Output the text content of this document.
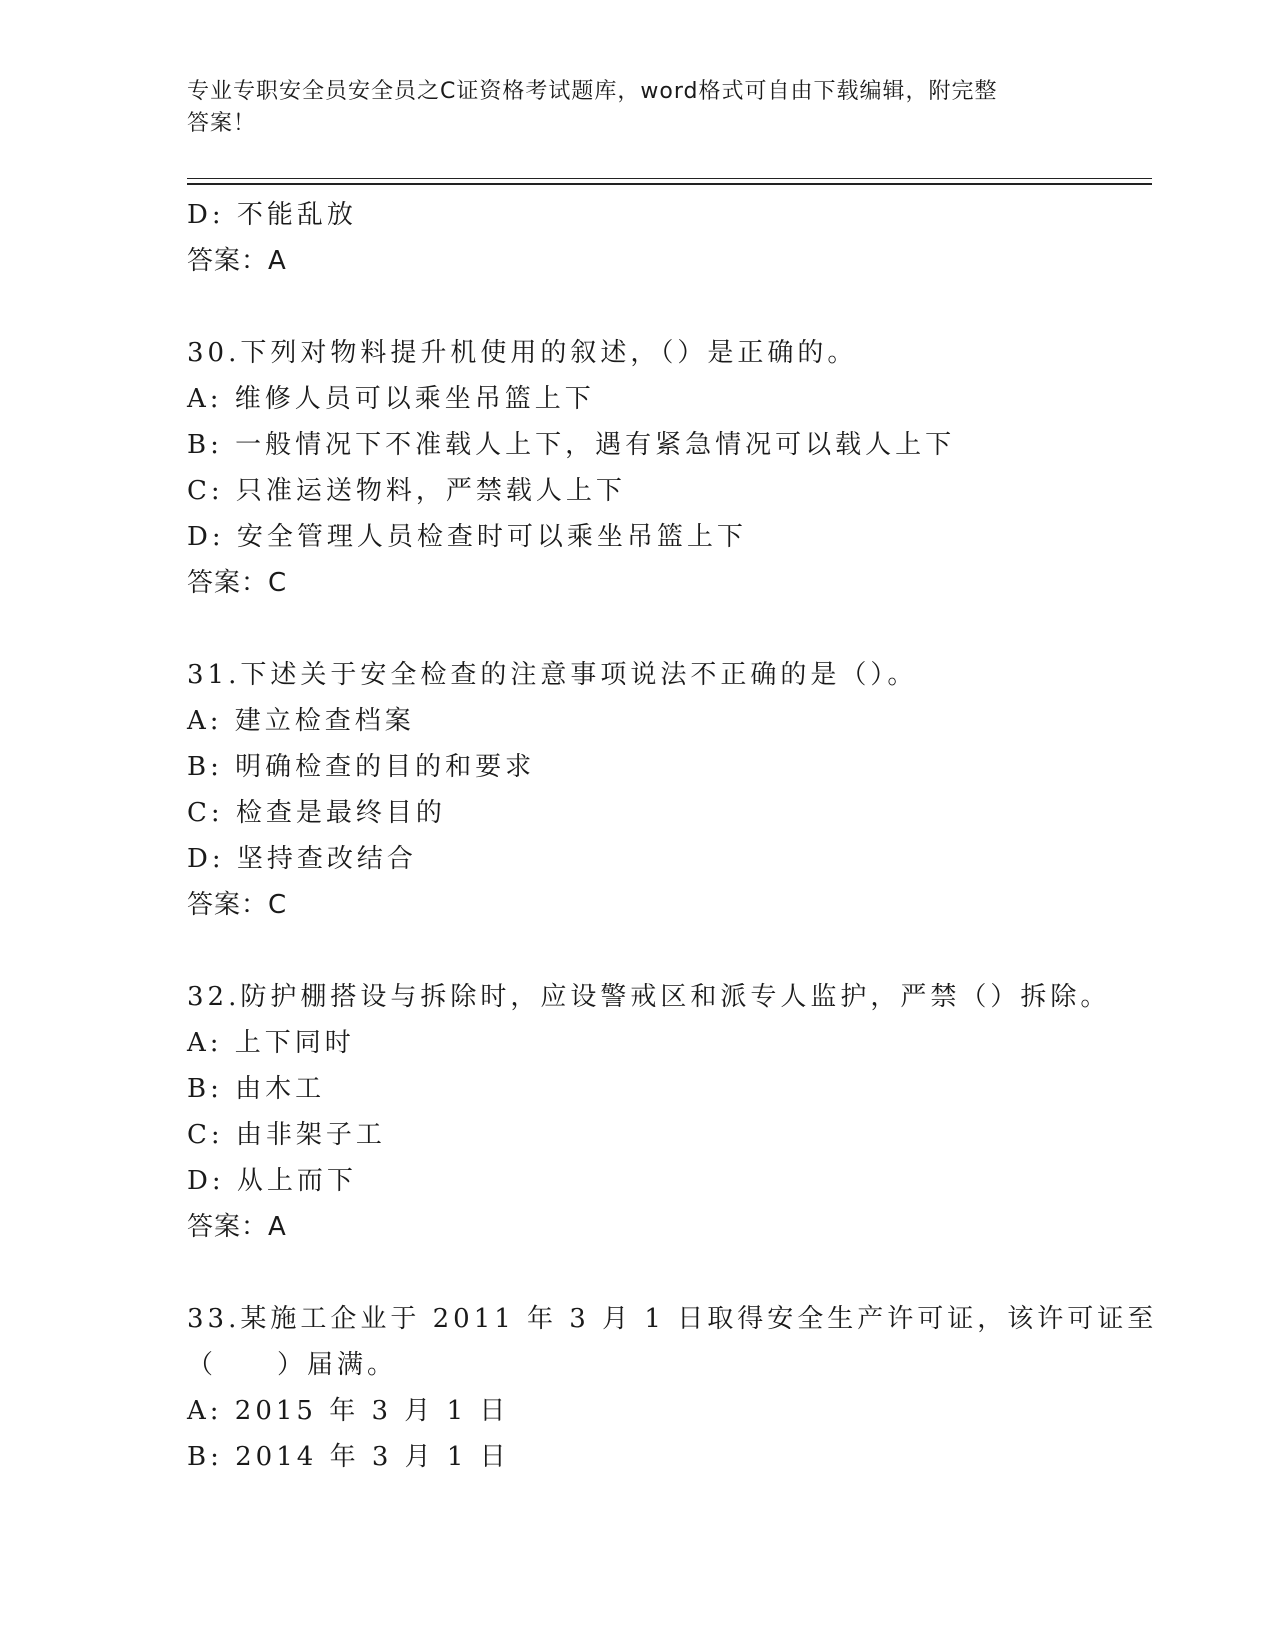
专业专职安全员安全员之C证资格考试题库，word格式可自由下载编辑，附完整
答案！
D: 不能乱放
答案：A
30.下列对物料提升机使用的叙述，（）是正确的。
A: 维修人员可以乘坐吊篮上下
B: 一般情况下不准载人上下，遇有紧急情况可以载人上下
C: 只准运送物料，严禁载人上下
D: 安全管理人员检查时可以乘坐吊篮上下
答案：C
31.下述关于安全检查的注意事项说法不正确的是（）。
A: 建立检查档案
B: 明确检查的目的和要求
C: 检查是最终目的
D: 坚持查改结合
答案：C
32.防护棚搭设与拆除时，应设警戒区和派专人监护，严禁（）拆除。
A: 上下同时
B: 由木工
C: 由非架子工
D: 从上而下
答案：A
33.某施工企业于 2011 年 3 月 1 日取得安全生产许可证，该许可证至
（　　）届满。
A: 2015 年 3 月 1 日
B: 2014 年 3 月 1 日
